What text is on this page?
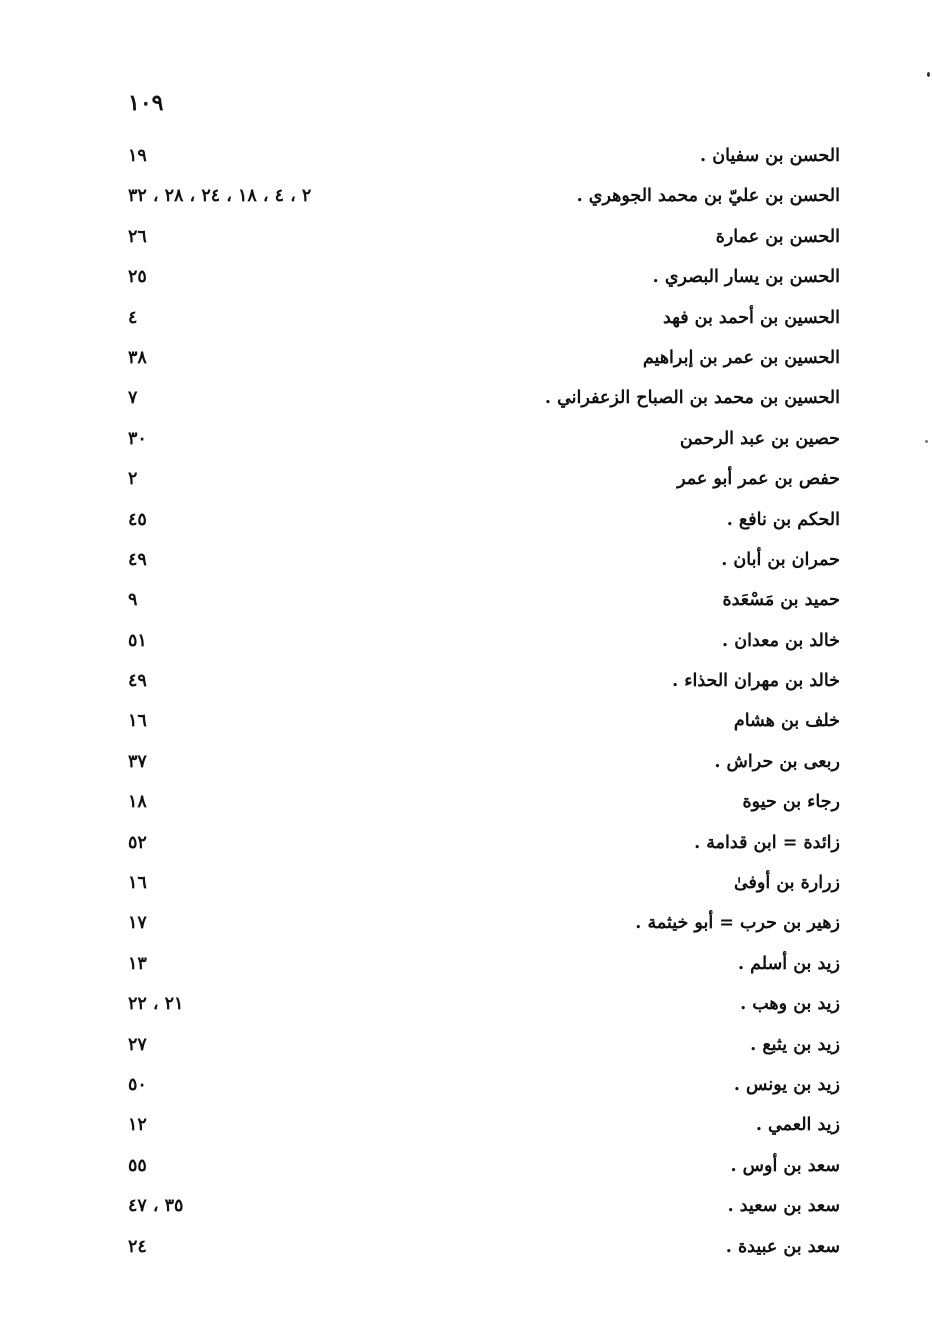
١٠٩
الحسن بن سفيان .
١٩
الحسن بن عليّ بن محمد الجوهري .
٢ ، ٤ ، ١٨ ، ٢٤ ، ٢٨ ، ٣٢
الحسن بن عمارة
٢٦
الحسن بن يسار البصري .
٢٥
الحسين بن أحمد بن فهد
٤
الحسين بن عمر بن إبراهيم
٣٨
الحسين بن محمد بن الصباح الزعفراني .
٧
حصين بن عبد الرحمن
٣٠
حفص بن عمر أبو عمر
٢
الحكم بن نافع .
٤٥
حمران بن أبان .
٤٩
حميد بن مَسْعَدة
٩
خالد بن معدان .
٥١
خالد بن مهران الحذاء .
٤٩
خلف بن هشام
١٦
ربعى بن حراش .
٣٧
رجاء بن حيوة
١٨
زائدة = ابن قدامة .
٥٢
زرارة بن أوفىٰ
١٦
زهير بن حرب = أبو خيثمة .
١٧
زيد بن أسلم .
١٣
زيد بن وهب .
٢١ ، ٢٢
زيد بن يثبع .
٢٧
زيد بن يونس .
٥٠
زيد العمي .
١٢
سعد بن أوس .
٥٥
سعد بن سعيد .
٣٥ ، ٤٧
سعد بن عبيدة .
٢٤
